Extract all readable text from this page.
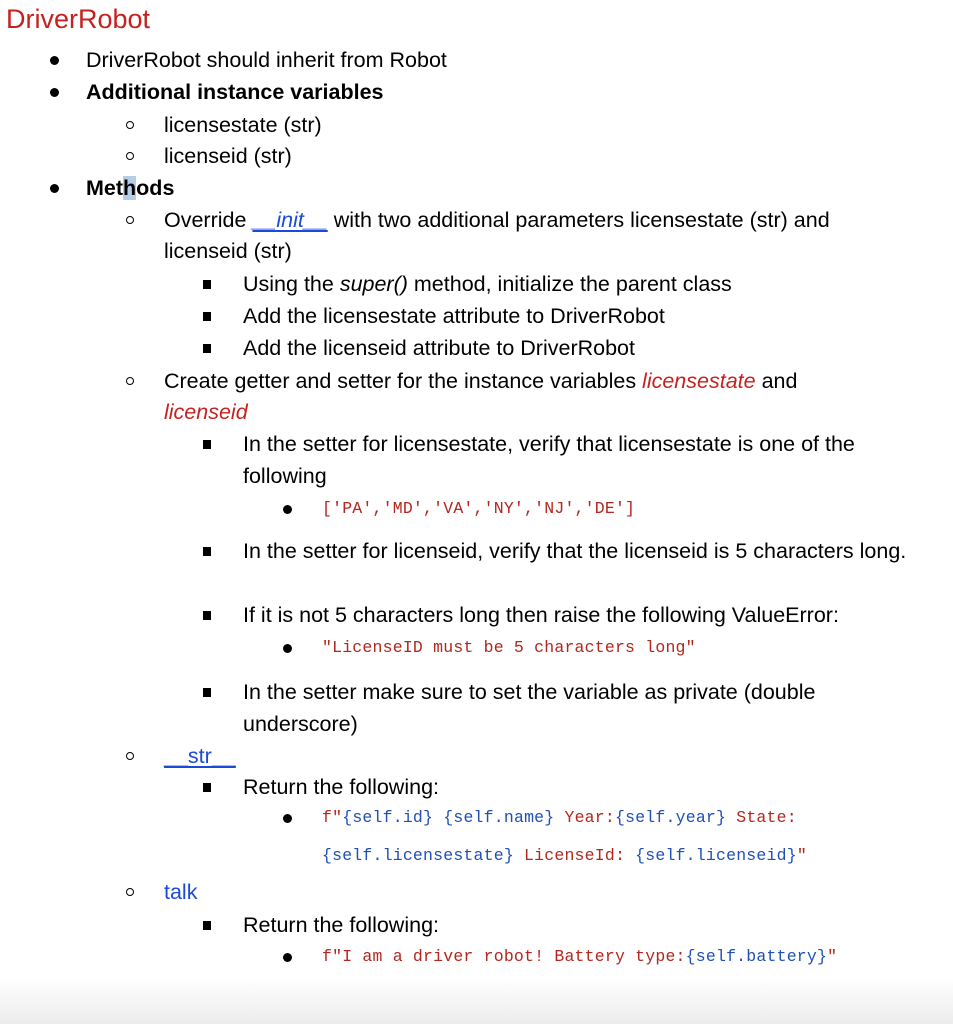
DriverRobot
DriverRobot should inherit from Robot
Additional instance variables
licensestate (str)
licenseid (str)
Methods
Override __init__ with two additional parameters licensestate (str) and
licenseid (str)
Using the super() method, initialize the parent class
Add the licensestate attribute to DriverRobot
Add the licenseid attribute to DriverRobot
Create getter and setter for the instance variables licensestate and
licenseid
In the setter for licensestate, verify that licensestate is one of the following
['PA','MD','VA','NY','NJ','DE']
In the setter for licenseid, verify that the licenseid is 5 characters long.
If it is not 5 characters long then raise the following ValueError:
"LicenseID must be 5 characters long"
In the setter make sure to set the variable as private (double underscore)
__str__
Return the following:
f"{self.id} {self.name} Year:{self.year} State:
{self.licensestate} LicenseId: {self.licenseid}"
talk
Return the following:
f"I am a driver robot! Battery type:{self.battery}"
